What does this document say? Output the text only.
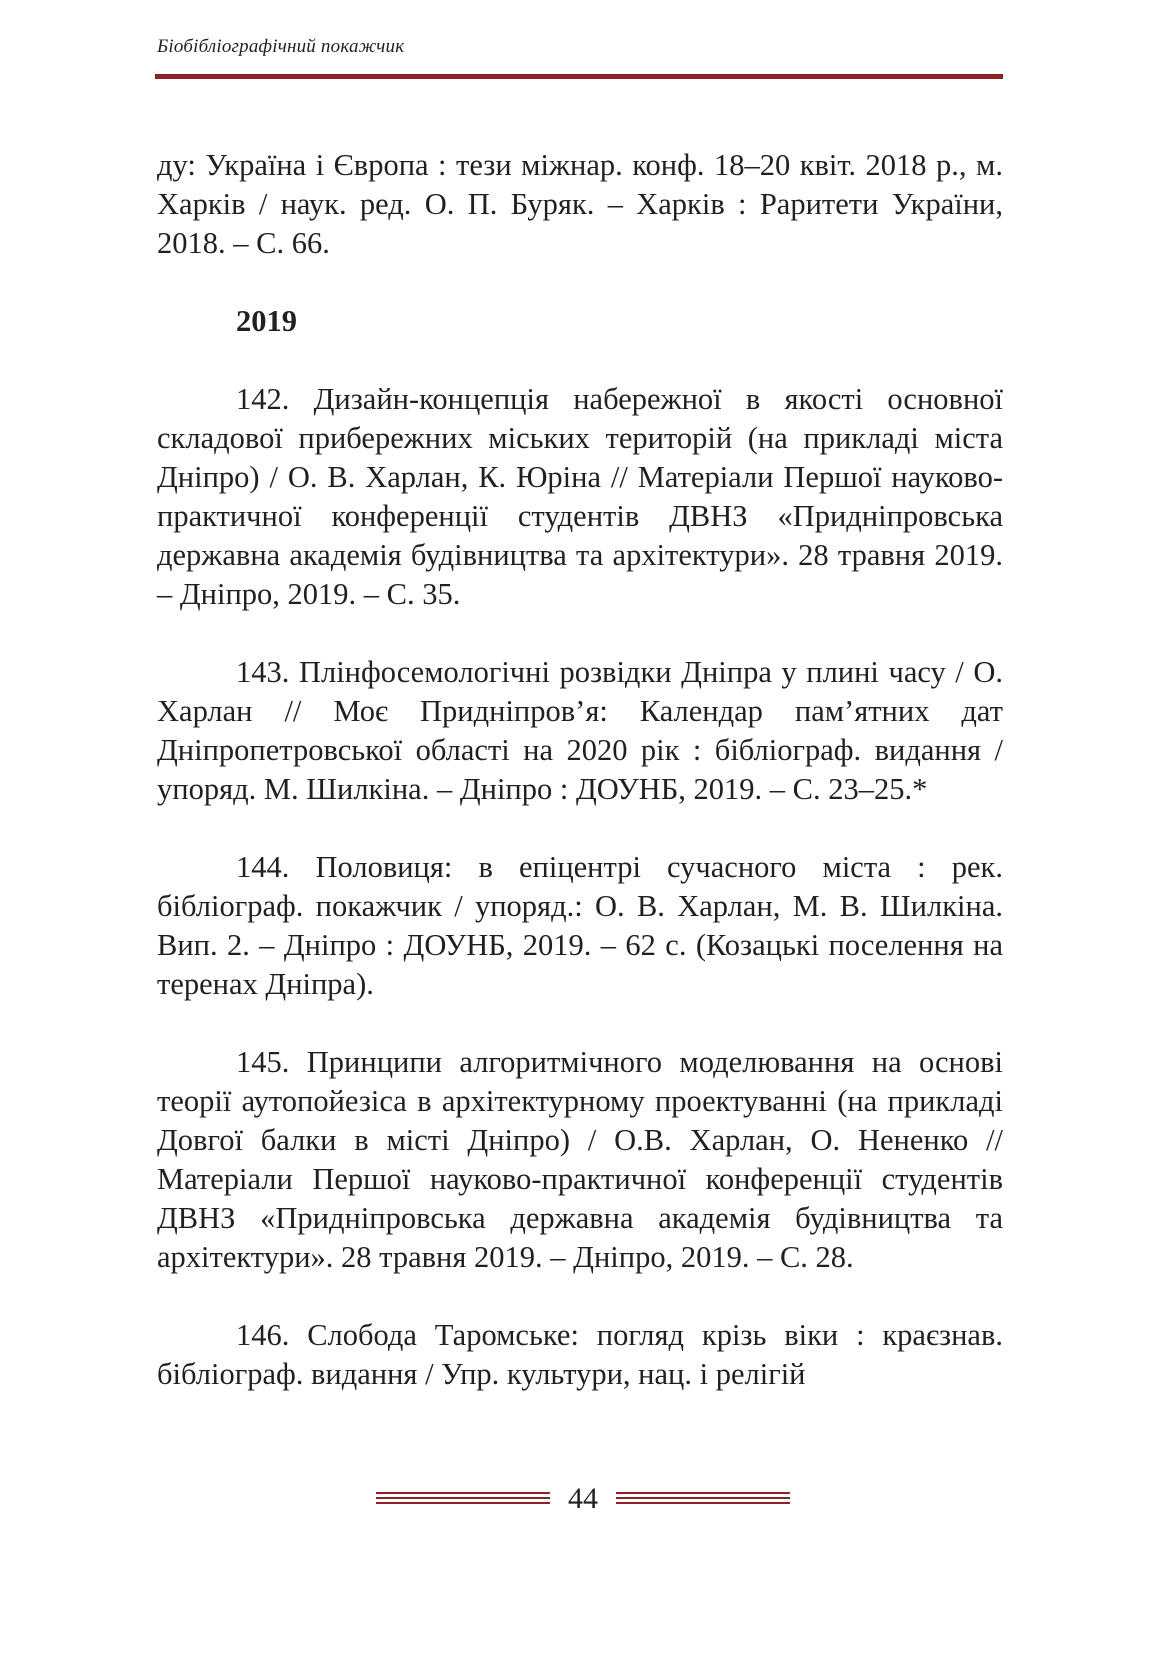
Біобібліографічний покажчик

ду: Україна і Європа : тези міжнар. конф. 18–20 квіт. 2018 р., м. Харків / наук. ред. О. П. Буряк. – Харків : Раритети України, 2018. – С. 66.

2019

142. Дизайн-концепція набережної в якості основної складової прибережних міських територій (на прикладі міста Дніпро) / О. В. Харлан, К. Юріна // Матеріали Першої науково-практичної конференції студентів ДВНЗ «Придніпровська державна академія будівництва та архітектури». 28 травня 2019. – Дніпро, 2019. – С. 35.

143. Плінфосемологічні розвідки Дніпра у плині часу / О. Харлан // Моє Придніпров’я: Календар пам’ятних дат Дніпропетровської області на 2020 рік : бібліограф. видання / упоряд. М. Шилкіна. – Дніпро : ДОУНБ, 2019. – С. 23–25.*

144. Половиця: в епіцентрі сучасного міста : рек. бібліограф. покажчик / упоряд.: О. В. Харлан, М. В. Шилкіна. Вип. 2. – Дніпро : ДОУНБ, 2019. – 62 с. (Козацькі поселення на теренах Дніпра).

145. Принципи алгоритмічного моделювання на основі теорії аутопойезіса в архітектурному проектуванні (на прикладі Довгої балки в місті Дніпро) / О.В. Харлан, О. Нененко // Матеріали Першої науково-практичної конференції студентів ДВНЗ «Придніпровська державна академія будівництва та архітектури». 28 травня 2019. – Дніпро, 2019. – С. 28.

146. Слобода Таромське: погляд крізь віки : краєзнав. бібліограф. видання / Упр. культури, нац. і релігій

44
